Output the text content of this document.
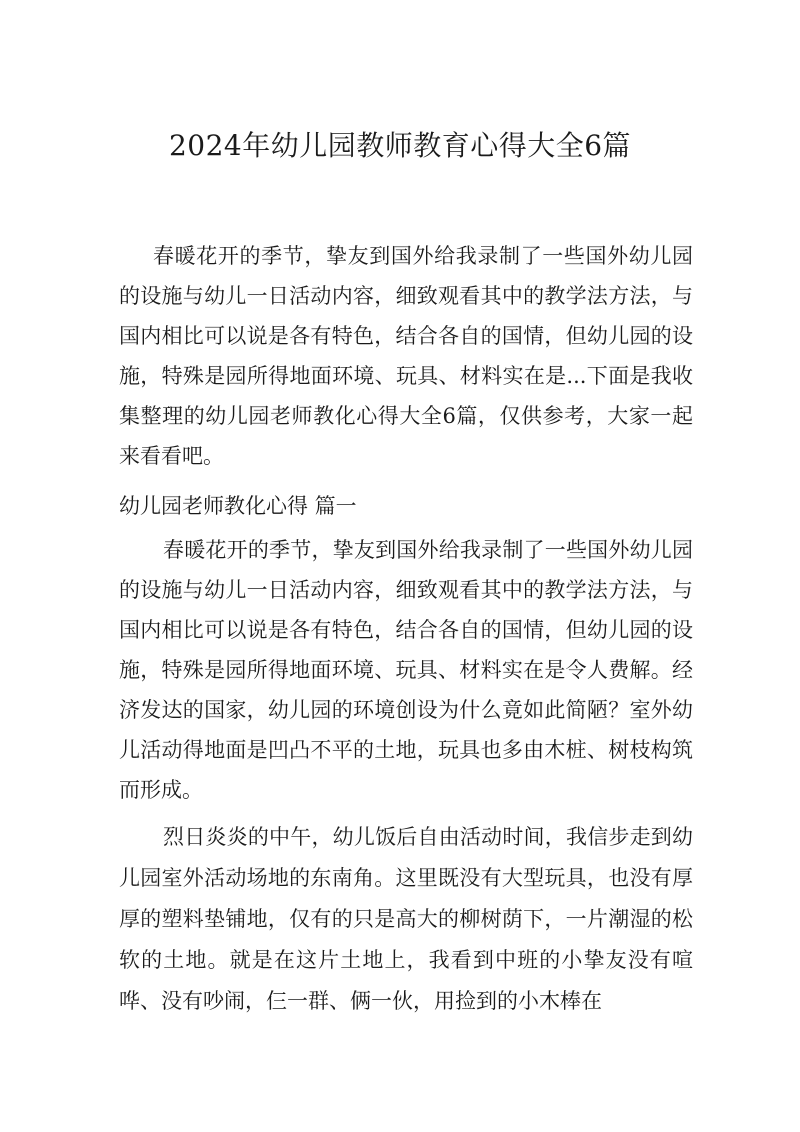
2024年幼儿园教师教育心得大全6篇

春暖花开的季节，挚友到国外给我录制了一些国外幼儿园的设施与幼儿一日活动内容，细致观看其中的教学法方法，与国内相比可以说是各有特色，结合各自的国情，但幼儿园的设施，特殊是园所得地面环境、玩具、材料实在是...下面是我收集整理的幼儿园老师教化心得大全6篇，仅供参考，大家一起来看看吧。

幼儿园老师教化心得 篇一

春暖花开的季节，挚友到国外给我录制了一些国外幼儿园的设施与幼儿一日活动内容，细致观看其中的教学法方法，与国内相比可以说是各有特色，结合各自的国情，但幼儿园的设施，特殊是园所得地面环境、玩具、材料实在是令人费解。经济发达的国家，幼儿园的环境创设为什么竟如此简陋？室外幼儿活动得地面是凹凸不平的土地，玩具也多由木桩、树枝构筑而形成。

烈日炎炎的中午，幼儿饭后自由活动时间，我信步走到幼儿园室外活动场地的东南角。这里既没有大型玩具，也没有厚厚的塑料垫铺地，仅有的只是高大的柳树荫下，一片潮湿的松软的土地。就是在这片土地上，我看到中班的小挚友没有喧哗、没有吵闹，仨一群、俩一伙，用捡到的小木棒在
